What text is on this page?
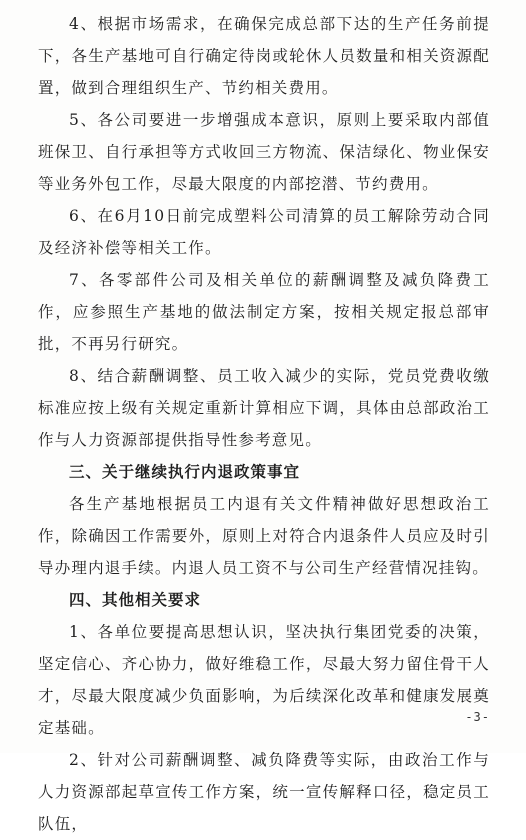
4、根据市场需求，在确保完成总部下达的生产任务前提下，各生产基地可自行确定待岗或轮休人员数量和相关资源配置，做到合理组织生产、节约相关费用。

5、各公司要进一步增强成本意识，原则上要采取内部值班保卫、自行承担等方式收回三方物流、保洁绿化、物业保安等业务外包工作，尽最大限度的内部挖潜、节约费用。

6、在6月10日前完成塑料公司清算的员工解除劳动合同及经济补偿等相关工作。

7、各零部件公司及相关单位的薪酬调整及减负降费工作，应参照生产基地的做法制定方案，按相关规定报总部审批，不再另行研究。

8、结合薪酬调整、员工收入减少的实际，党员党费收缴标准应按上级有关规定重新计算相应下调，具体由总部政治工作与人力资源部提供指导性参考意见。

三、关于继续执行内退政策事宜

各生产基地根据员工内退有关文件精神做好思想政治工作，除确因工作需要外，原则上对符合内退条件人员应及时引导办理内退手续。内退人员工资不与公司生产经营情况挂钩。

四、其他相关要求

1、各单位要提高思想认识，坚决执行集团党委的决策，坚定信心、齐心协力，做好维稳工作，尽最大努力留住骨干人才，尽最大限度减少负面影响，为后续深化改革和健康发展奠定基础。

2、针对公司薪酬调整、减负降费等实际，由政治工作与人力资源部起草宣传工作方案，统一宣传解释口径，稳定员工队伍，

-3-
